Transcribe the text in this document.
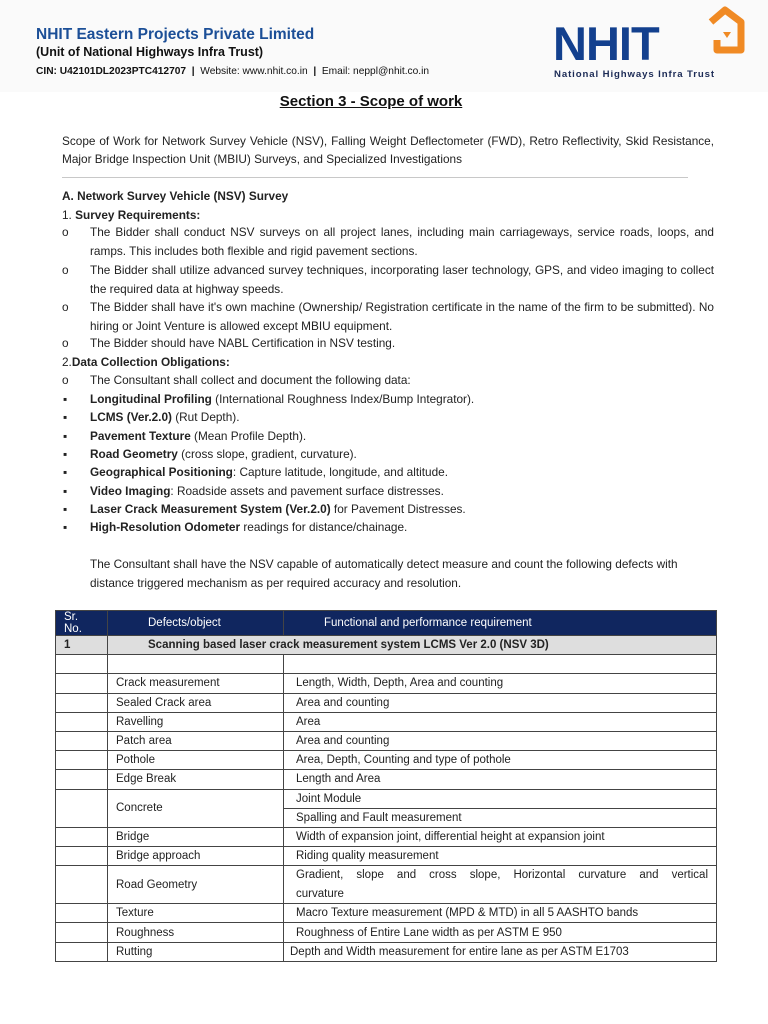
NHIT Eastern Projects Private Limited
(Unit of National Highways Infra Trust)
CIN: U42101DL2023PTC412707  |  Website: www.nhit.co.in  |  Email: neppl@nhit.co.in
NHIT
National Highways Infra Trust
Section 3 - Scope of work
Scope of Work for Network Survey Vehicle (NSV), Falling Weight Deflectometer (FWD), Retro Reflectivity, Skid Resistance, Major Bridge Inspection Unit (MBIU) Surveys, and Specialized Investigations
A. Network Survey Vehicle (NSV) Survey
1. Survey Requirements:
o The Bidder shall conduct NSV surveys on all project lanes, including main carriageways, service roads, loops, and ramps. This includes both flexible and rigid pavement sections.
o The Bidder shall utilize advanced survey techniques, incorporating laser technology, GPS, and video imaging to collect the required data at highway speeds.
o The Bidder shall have it's own machine (Ownership/ Registration certificate in the name of the firm to be submitted). No hiring or Joint Venture is allowed except MBIU equipment.
o The Bidder should have NABL Certification in NSV testing.
2.Data Collection Obligations:
o The Consultant shall collect and document the following data:
▪ Longitudinal Profiling (International Roughness Index/Bump Integrator).
▪ LCMS (Ver.2.0) (Rut Depth).
▪ Pavement Texture (Mean Profile Depth).
▪ Road Geometry (cross slope, gradient, curvature).
▪ Geographical Positioning: Capture latitude, longitude, and altitude.
▪ Video Imaging: Roadside assets and pavement surface distresses.
▪ Laser Crack Measurement System (Ver.2.0) for Pavement Distresses.
▪ High-Resolution Odometer readings for distance/chainage.
The Consultant shall have the NSV capable of automatically detect measure and count the following defects with distance triggered mechanism as per required accuracy and resolution.
Sr. No.	Defects/object	Functional and performance requirement
1	Scanning based laser crack measurement system LCMS Ver 2.0 (NSV 3D)	

	Crack measurement	Length, Width, Depth, Area and counting
	Sealed Crack area	Area and counting
	Ravelling	Area
	Patch area	Area and counting
	Pothole	Area, Depth, Counting and type of pothole
	Edge Break	Length and Area
	Concrete	Joint Module
		Spalling and Fault measurement
	Bridge	Width of expansion joint, differential height at expansion joint
	Bridge approach	Riding quality measurement
	Road Geometry	Gradient, slope and cross slope, Horizontal curvature and vertical
curvature

	Texture	Macro Texture measurement (MPD & MTD) in all 5 AASHTO bands
	Roughness	Roughness of Entire Lane width as per ASTM E 950
	Rutting	Depth and Width measurement for entire lane as per ASTM E1703
